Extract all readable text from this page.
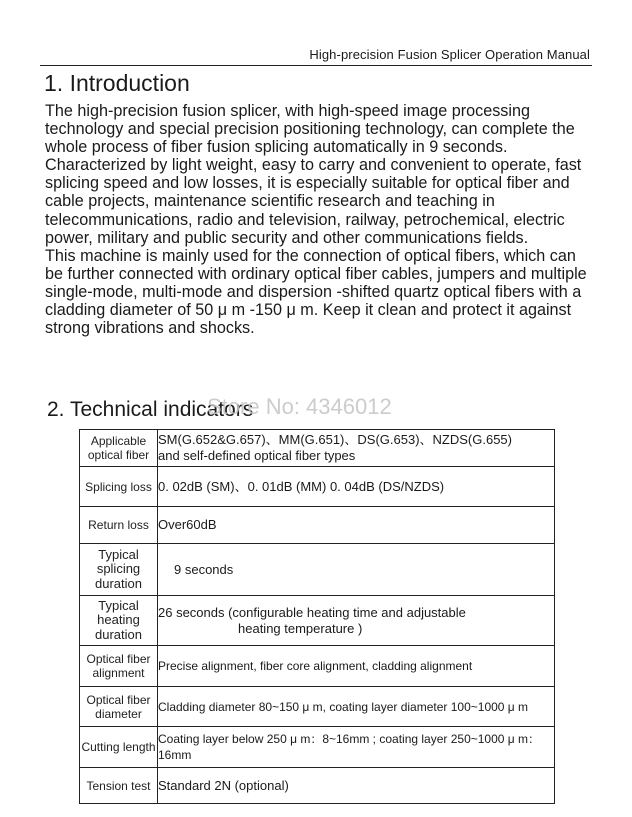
High-precision Fusion Splicer Operation Manual
1. Introduction

The high-precision fusion splicer, with high-speed image processing technology and special precision positioning technology, can complete the whole process of fiber fusion splicing automatically in 9 seconds. Characterized by light weight, easy to carry and convenient to operate, fast splicing speed and low losses, it is especially suitable for optical fiber and cable projects, maintenance scientific research and teaching in telecommunications, radio and television, railway, petrochemical, electric power, military and public security and other communications fields.

This machine is mainly used for the connection of optical fibers, which can be further connected with ordinary optical fiber cables, jumpers and multiple single-mode, multi-mode and dispersion -shifted quartz optical fibers with a cladding diameter of 50 μ m -150 μ m. Keep it clean and protect it against strong vibrations and shocks.

2. Technical indicators
Store No: 4346012
Applicable optical fiber	SM(G.652&G.657)、MM(G.651)、DS(G.653)、NZDS(G.655)
and self-defined optical fiber types
Splicing loss	0. 02dB (SM)、0. 01dB (MM) 0. 04dB (DS/NZDS)
Return loss	Over60dB
Typical splicing duration	9 seconds
Typical heating duration	26 seconds (configurable heating time and adjustable
heating temperature )

Optical fiber alignment	Precise alignment, fiber core alignment, cladding alignment
Optical fiber diameter	Cladding diameter 80~150 μ m, coating layer diameter 100~1000 μ m
Cutting length	Coating layer below 250 μ m：8~16mm ; coating layer 250~1000 μ m：16mm
Tension test	Standard 2N (optional)
